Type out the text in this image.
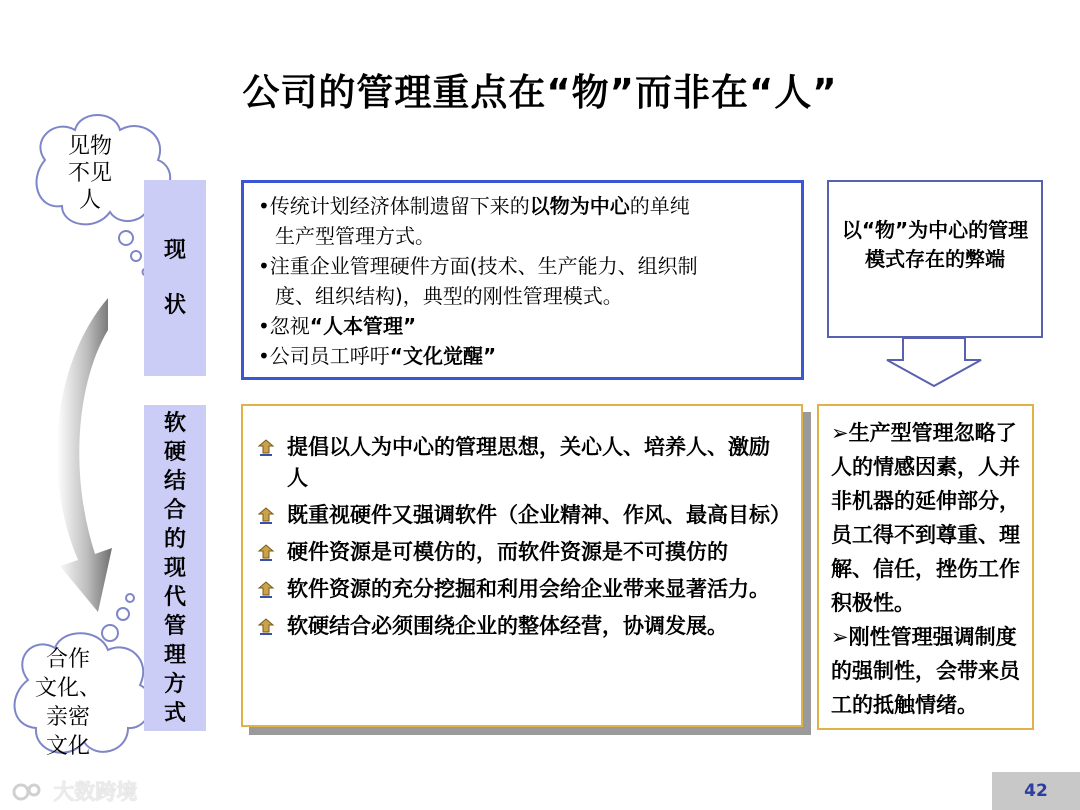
公司的管理重点在“物”而非在“人”
见物
不见
人
合作
文化、
亲密
文化
现
状
软
硬
结
合
的
现
代
管
理
方
式
•传统计划经济体制遗留下来的以物为中心的单纯
生产型管理方式。
•注重企业管理硬件方面(技术、生产能力、组织制
度、组织结构)，典型的刚性管理模式。
•忽视“人本管理”
•公司员工呼吁“文化觉醒”
提倡以人为中心的管理思想，关心人、培养人、激励人
既重视硬件又强调软件（企业精神、作风、最高目标）
硬件资源是可模仿的，而软件资源是不可摸仿的
软件资源的充分挖掘和利用会给企业带来显著活力。
软硬结合必须围绕企业的整体经营，协调发展。
以“物”为中心的管理模式存在的弊端
➢生产型管理忽略了人的情感因素，人并非机器的延伸部分，员工得不到尊重、理解、信任，挫伤工作积极性。
➢刚性管理强调制度的强制性，会带来员工的抵触情绪。
大数跨境	42
